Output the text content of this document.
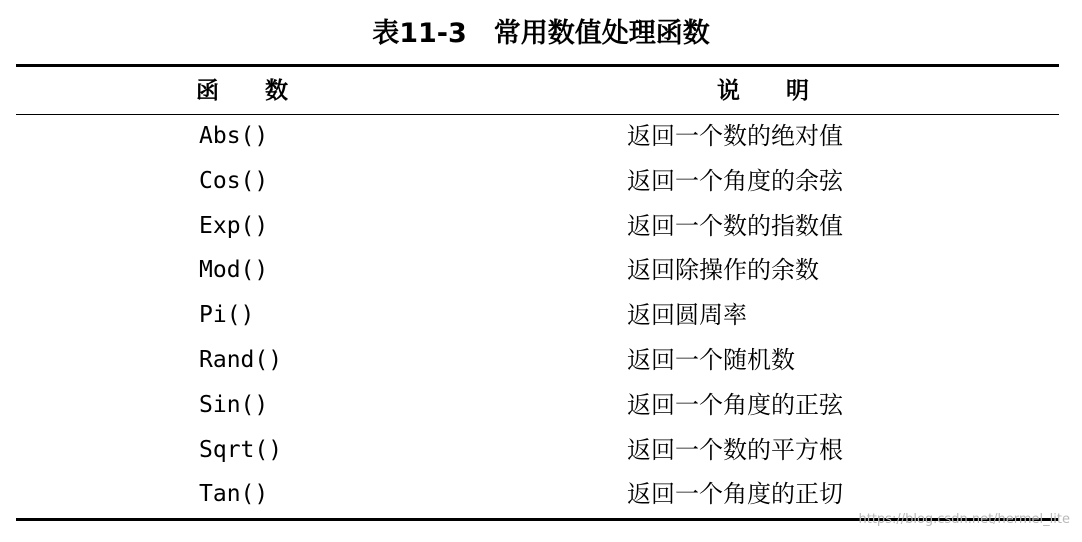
表11-3　常用数值处理函数
函　　数	说　　明
Abs()	返回一个数的绝对值
Cos()	返回一个角度的余弦
Exp()	返回一个数的指数值
Mod()	返回除操作的余数
Pi()	返回圆周率
Rand()	返回一个随机数
Sin()	返回一个角度的正弦
Sqrt()	返回一个数的平方根
Tan()	返回一个角度的正切
https://blog.csdn.net/hermel_lite
